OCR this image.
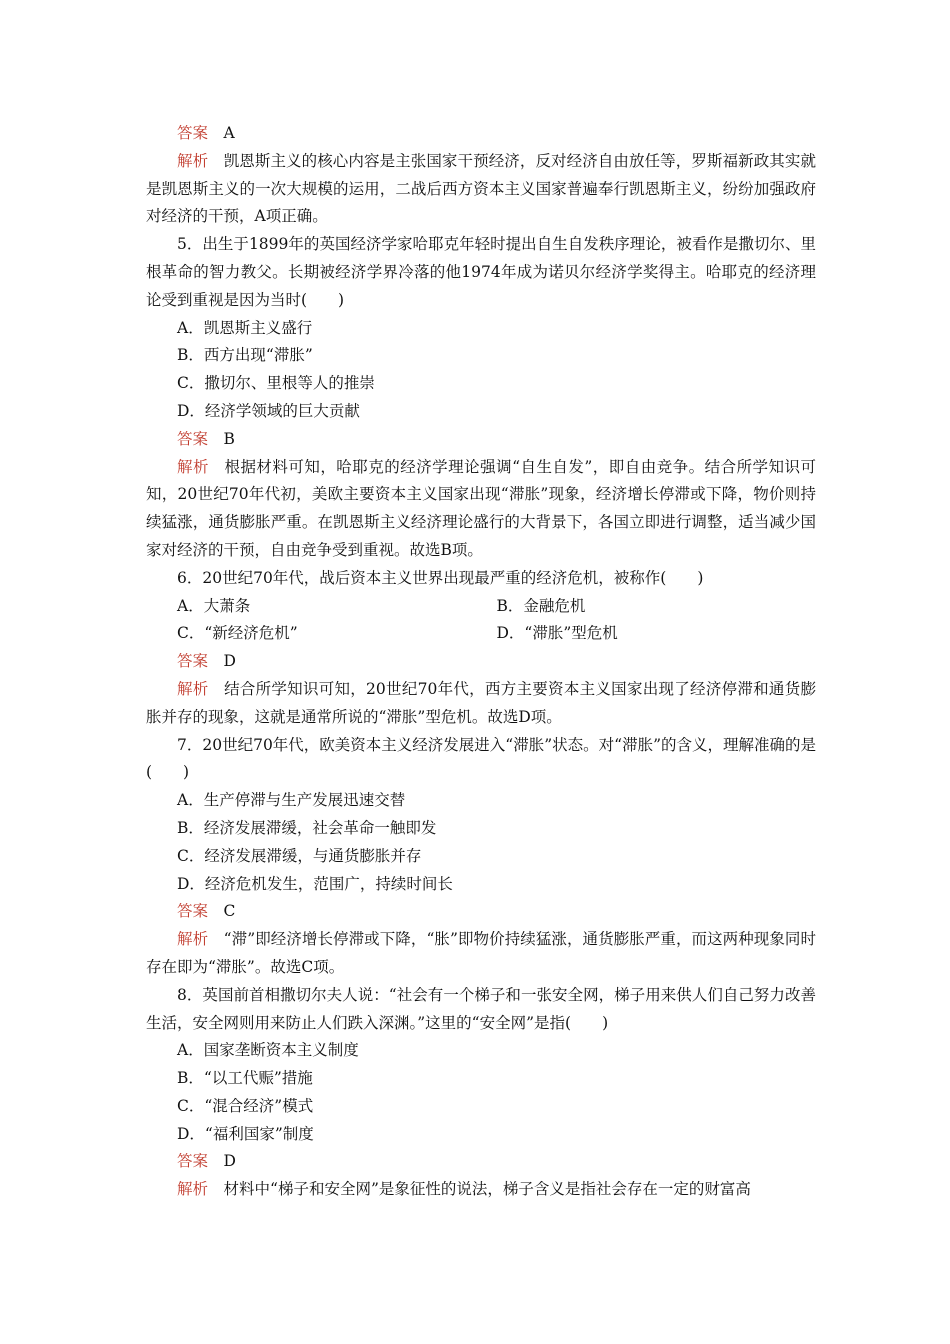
答案 A

解析 凯恩斯主义的核心内容是主张国家干预经济，反对经济自由放任等，罗斯福新政其实就是凯恩斯主义的一次大规模的运用，二战后西方资本主义国家普遍奉行凯恩斯主义，纷纷加强政府对经济的干预，A项正确。

5．出生于1899年的英国经济学家哈耶克年轻时提出自生自发秩序理论，被看作是撒切尔、里根革命的智力教父。长期被经济学界冷落的他1974年成为诺贝尔经济学奖得主。哈耶克的经济理论受到重视是因为当时(　　)

A．凯恩斯主义盛行

B．西方出现“滞胀”

C．撒切尔、里根等人的推崇

D．经济学领域的巨大贡献

答案 B

解析 根据材料可知，哈耶克的经济学理论强调“自生自发”，即自由竞争。结合所学知识可知，20世纪70年代初，美欧主要资本主义国家出现“滞胀”现象，经济增长停滞或下降，物价则持续猛涨，通货膨胀严重。在凯恩斯主义经济理论盛行的大背景下，各国立即进行调整，适当减少国家对经济的干预，自由竞争受到重视。故选B项。

6．20世纪70年代，战后资本主义世界出现最严重的经济危机，被称作(　　)

A．大萧条	B．金融危机
C．“新经济危机”	D．“滞胀”型危机

答案 D

解析 结合所学知识可知，20世纪70年代，西方主要资本主义国家出现了经济停滞和通货膨胀并存的现象，这就是通常所说的“滞胀”型危机。故选D项。

7．20世纪70年代，欧美资本主义经济发展进入“滞胀”状态。对“滞胀”的含义，理解准确的是(　　)

A．生产停滞与生产发展迅速交替

B．经济发展滞缓，社会革命一触即发

C．经济发展滞缓，与通货膨胀并存

D．经济危机发生，范围广，持续时间长

答案 C

解析 “滞”即经济增长停滞或下降，“胀”即物价持续猛涨，通货膨胀严重，而这两种现象同时存在即为“滞胀”。故选C项。

8．英国前首相撒切尔夫人说：“社会有一个梯子和一张安全网，梯子用来供人们自己努力改善生活，安全网则用来防止人们跌入深渊。”这里的“安全网”是指(　　)

A．国家垄断资本主义制度

B．“以工代赈”措施

C．“混合经济”模式

D．“福利国家”制度

答案 D

解析 材料中“梯子和安全网”是象征性的说法，梯子含义是指社会存在一定的财富高
